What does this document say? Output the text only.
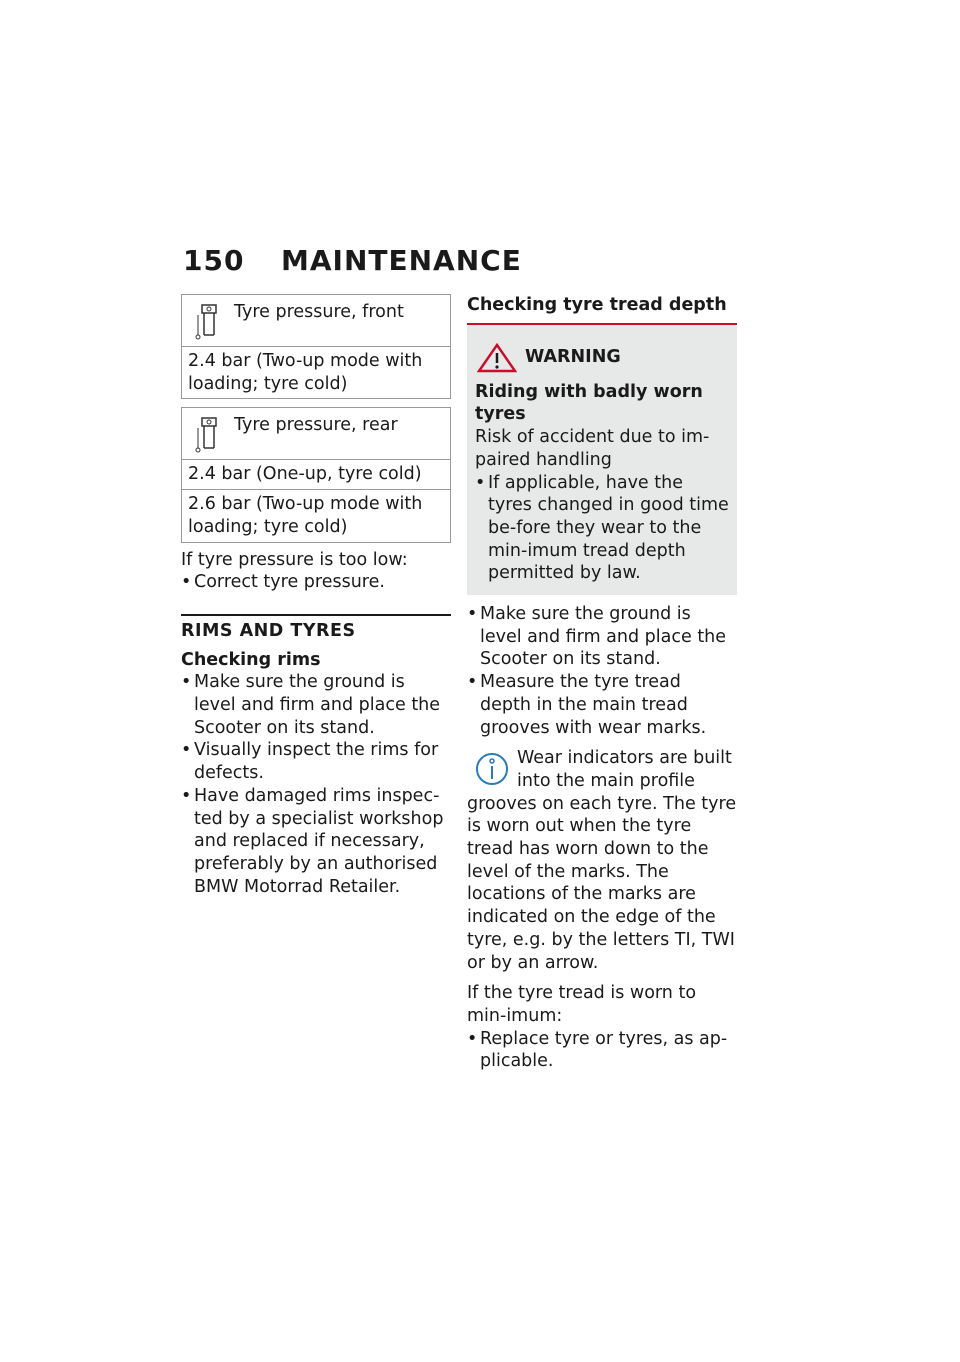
150	MAINTENANCE
Tyre pressure, front
2.4 bar (Two-up mode with loading; tyre cold)
Tyre pressure, rear
2.4 bar (One-up, tyre cold)
2.6 bar (Two-up mode with loading; tyre cold)

If tyre pressure is too low:

• Correct tyre pressure.
RIMS AND TYRES
Checking rims
• Make sure the ground is level and firm and place the Scooter on its stand.
• Visually inspect the rims for defects.
• Have damaged rims inspec-ted by a specialist workshop and replaced if necessary, preferably by an authorised BMW Motorrad Retailer.
Checking tyre tread depth
WARNING
Riding with badly worn tyres

Risk of accident due to im-paired handling

• If applicable, have the tyres changed in good time be-fore they wear to the min-imum tread depth permitted by law.
• Make sure the ground is level and firm and place the Scooter on its stand.
• Measure the tyre tread depth in the main tread grooves with wear marks.

Wear indicators are built into the main profile grooves on each tyre. The tyre is worn out when the tyre tread has worn down to the level of the marks. The locations of the marks are indicated on the edge of the tyre, e.g. by the letters TI, TWI or by an arrow.

If the tyre tread is worn to min-imum:

• Replace tyre or tyres, as ap-plicable.
